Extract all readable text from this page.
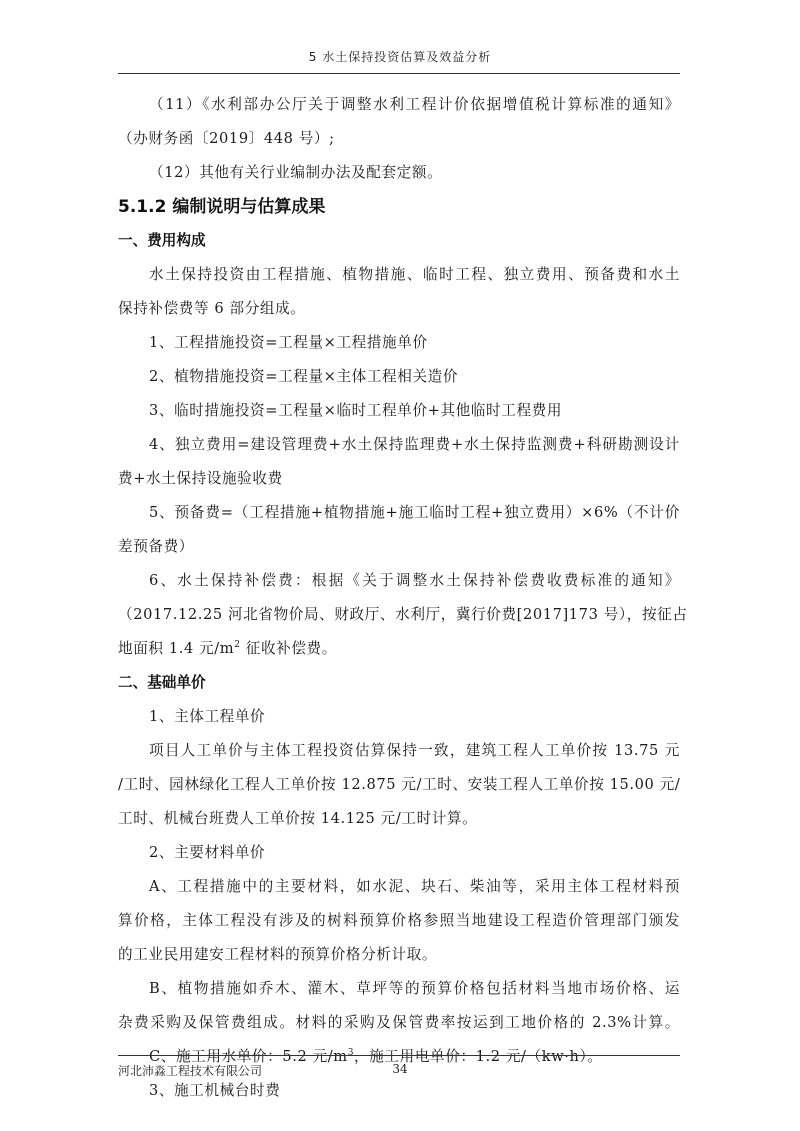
5 水土保持投资估算及效益分析
（11）《水利部办公厅关于调整水利工程计价依据增值税计算标准的通知》
（办财务函〔2019〕448 号）;
（12）其他有关行业编制办法及配套定额。
5.1.2 编制说明与估算成果
一、费用构成
水土保持投资由工程措施、植物措施、临时工程、独立费用、预备费和水土
保持补偿费等 6 部分组成。
1、工程措施投资=工程量×工程措施单价
2、植物措施投资=工程量×主体工程相关造价
3、临时措施投资=工程量×临时工程单价+其他临时工程费用
4、独立费用=建设管理费+水土保持监理费+水土保持监测费+科研勘测设计
费+水土保持设施验收费
5、预备费=（工程措施+植物措施+施工临时工程+独立费用）×6%（不计价
差预备费）
6、水土保持补偿费：根据《关于调整水土保持补偿费收费标准的通知》
（2017.12.25 河北省物价局、财政厅、水利厅，冀行价费[2017]173 号），按征占
地面积 1.4 元$/m^2$ 征收补偿费。
二、基础单价
1、主体工程单价
项目人工单价与主体工程投资估算保持一致，建筑工程人工单价按 13.75 元
/工时、园林绿化工程人工单价按 12.875 元/工时、安装工程人工单价按 15.00 元/
工时、机械台班费人工单价按 14.125 元/工时计算。
2、主要材料单价
A、工程措施中的主要材料，如水泥、块石、柴油等，采用主体工程材料预
算价格，主体工程没有涉及的树料预算价格参照当地建设工程造价管理部门颁发
的工业民用建安工程材料的预算价格分析计取。
B、植物措施如乔木、灌木、草坪等的预算价格包括材料当地市场价格、运
杂费采购及保管费组成。材料的采购及保管费率按运到工地价格的 2.3%计算。
C、施工用水单价：5.2 元$/m^3$，施工用电单价：1.2 元/（kw·h）。
3、施工机械台时费
河北沛淼工程技术有限公司	34
